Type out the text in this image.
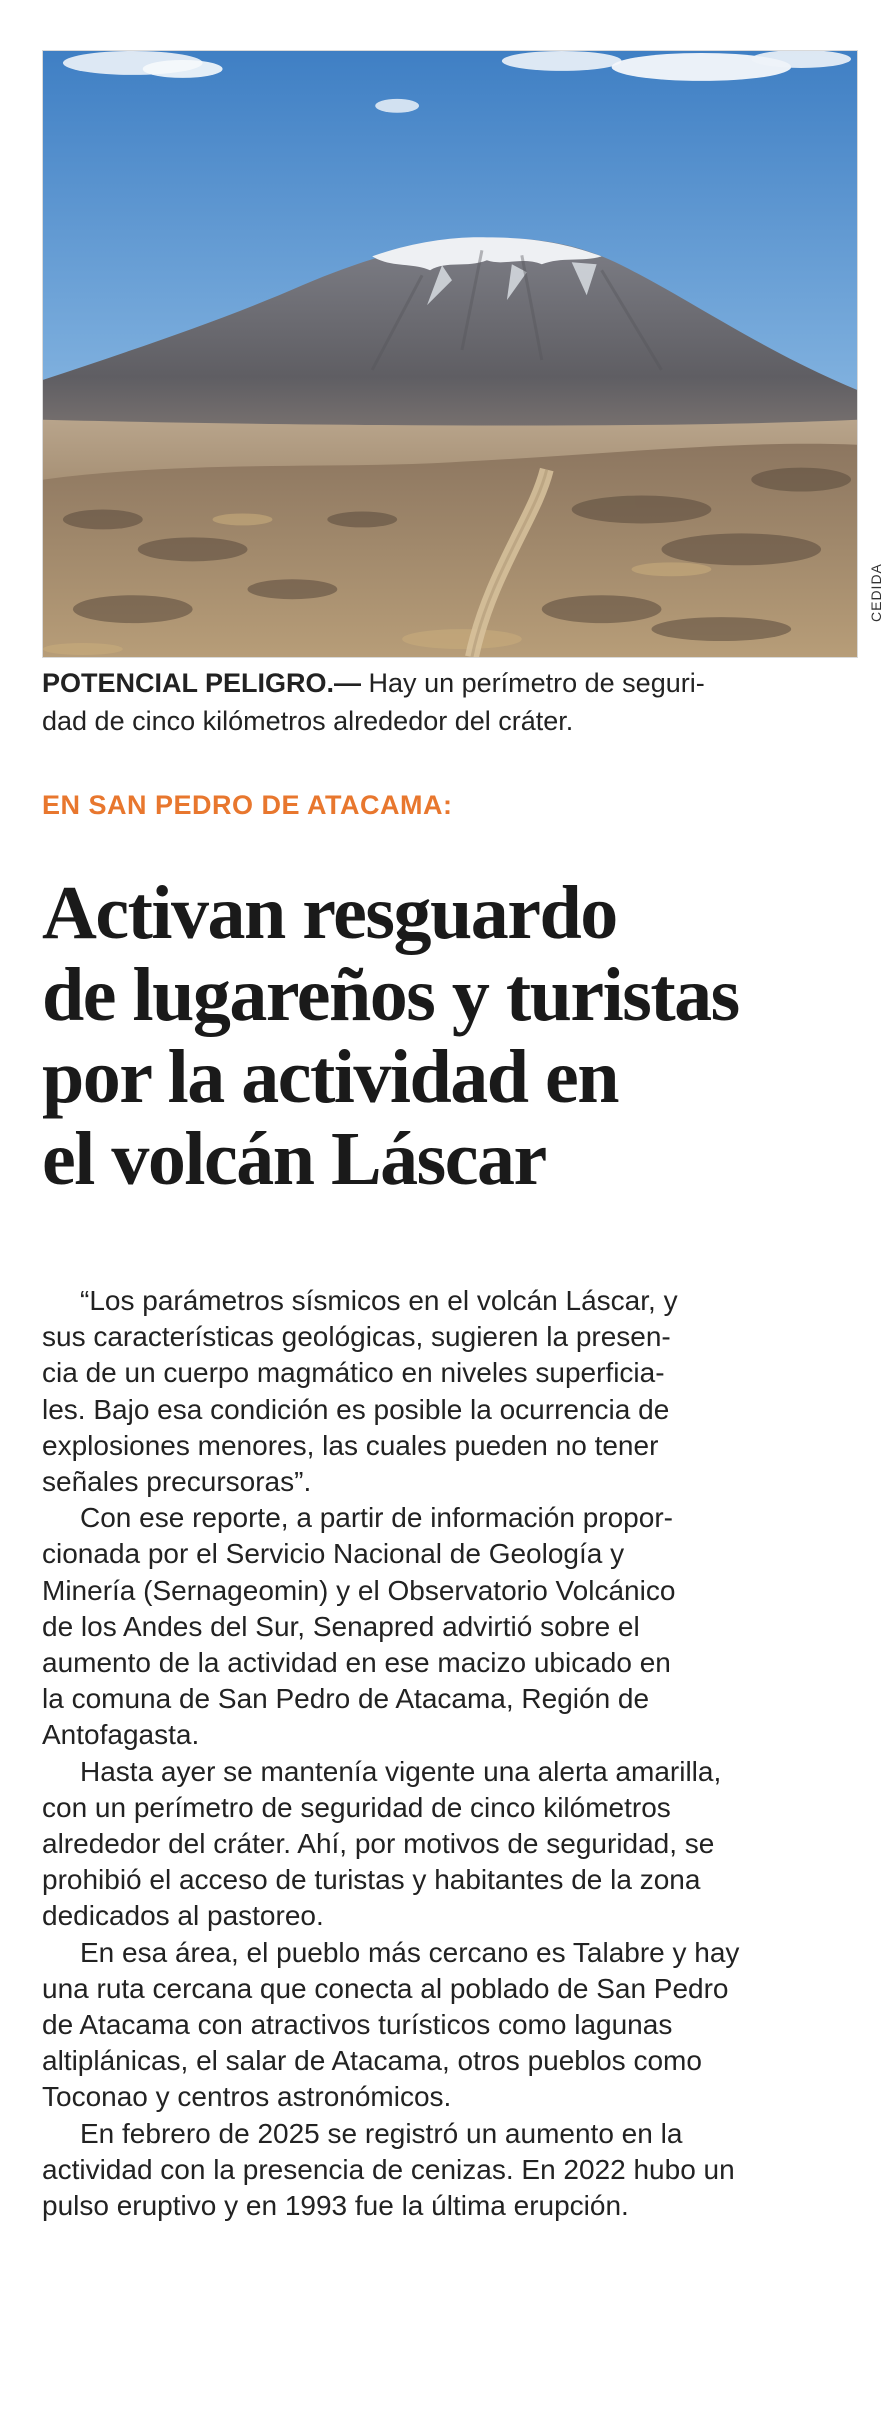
CEDIDA
POTENCIAL PELIGRO.— Hay un perímetro de seguri-
dad de cinco kilómetros alrededor del cráter.
EN SAN PEDRO DE ATACAMA:
Activan resguardo
de lugareños y turistas
por la actividad en
el volcán Láscar

“Los parámetros sísmicos en el volcán Láscar, y
sus características geológicas, sugieren la presen-
cia de un cuerpo magmático en niveles superficia-
les. Bajo esa condición es posible la ocurrencia de
explosiones menores, las cuales pueden no tener
señales precursoras”.

Con ese reporte, a partir de información propor-
cionada por el Servicio Nacional de Geología y
Minería (Sernageomin) y el Observatorio Volcánico
de los Andes del Sur, Senapred advirtió sobre el
aumento de la actividad en ese macizo ubicado en
la comuna de San Pedro de Atacama, Región de
Antofagasta.

Hasta ayer se mantenía vigente una alerta amarilla,
con un perímetro de seguridad de cinco kilómetros
alrededor del cráter. Ahí, por motivos de seguridad, se
prohibió el acceso de turistas y habitantes de la zona
dedicados al pastoreo.

En esa área, el pueblo más cercano es Talabre y hay
una ruta cercana que conecta al poblado de San Pedro
de Atacama con atractivos turísticos como lagunas
altiplánicas, el salar de Atacama, otros pueblos como
Toconao y centros astronómicos.

En febrero de 2025 se registró un aumento en la
actividad con la presencia de cenizas. En 2022 hubo un
pulso eruptivo y en 1993 fue la última erupción.
